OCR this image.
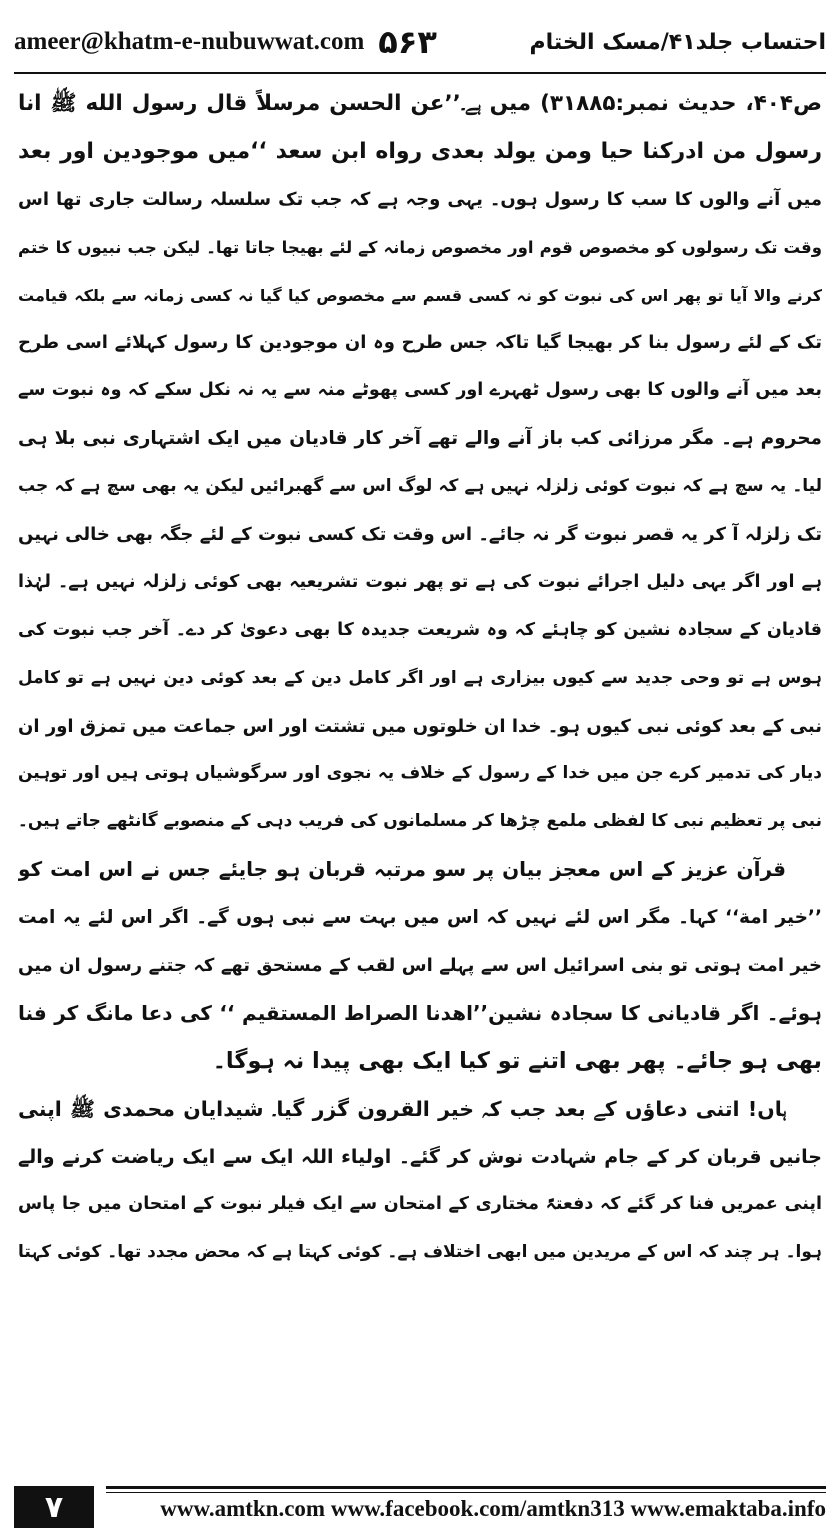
ameer@khatm-e-nubuwwat.com ۵۶۳	احتساب جلد۴۱/مسک الختام
ص۴۰۴، حدیث نمبر:۳۱۸۸۵) میں ہے۔’’عن الحسن مرسلاً قال رسول الله ﷺ انا
رسول من ادرکنا حیا ومن یولد بعدی رواه ابن سعد ‘‘میں موجودین اور بعد
میں آنے والوں کا سب کا رسول ہوں۔ یہی وجہ ہے کہ جب تک سلسلہ رسالت جاری تھا اس
وقت تک رسولوں کو مخصوص قوم اور مخصوص زمانہ کے لئے بھیجا جاتا تھا۔ لیکن جب نبیوں کا ختم
کرنے والا آیا تو پھر اس کی نبوت کو نہ کسی قسم سے مخصوص کیا گیا نہ کسی زمانہ سے بلکہ قیامت
تک کے لئے رسول بنا کر بھیجا گیا تاکہ جس طرح وہ ان موجودین کا رسول کہلائے اسی طرح
بعد میں آنے والوں کا بھی رسول ٹھہرے اور کسی پھوٹے منہ سے یہ نہ نکل سکے کہ وہ نبوت سے
محروم ہے۔ مگر مرزائی کب باز آنے والے تھے آخر کار قادیان میں ایک اشتہاری نبی بلا ہی
لیا۔ یہ سچ ہے کہ نبوت کوئی زلزلہ نہیں ہے کہ لوگ اس سے گھبرائیں لیکن یہ بھی سچ ہے کہ جب
تک زلزلہ آ کر یہ قصر نبوت گر نہ جائے۔ اس وقت تک کسی نبوت کے لئے جگہ بھی خالی نہیں
ہے اور اگر یہی دلیل اجرائے نبوت کی ہے تو پھر نبوت تشریعیہ بھی کوئی زلزلہ نہیں ہے۔ لہٰذا
قادیان کے سجادہ نشین کو چاہئے کہ وہ شریعت جدیدہ کا بھی دعویٰ کر دے۔ آخر جب نبوت کی
ہوس ہے تو وحی جدید سے کیوں بیزاری ہے اور اگر کامل دین کے بعد کوئی دین نہیں ہے تو کامل
نبی کے بعد کوئی نبی کیوں ہو۔ خدا ان خلوتوں میں تشتت اور اس جماعت میں تمزق اور ان
دیار کی تدمیر کرے جن میں خدا کے رسول کے خلاف یہ نجوی اور سرگوشیاں ہوتی ہیں اور توہین
نبی پر تعظیم نبی کا لفظی ملمع چڑھا کر مسلمانوں کی فریب دہی کے منصوبے گانٹھے جاتے ہیں۔
قرآن عزیز کے اس معجز بیان پر سو مرتبہ قربان ہو جایئے جس نے اس امت کو
’’خیر امة‘‘ کہا۔ مگر اس لئے نہیں کہ اس میں بہت سے نبی ہوں گے۔ اگر اس لئے یہ امت
خیر امت ہوتی تو بنی اسرائیل اس سے پہلے اس لقب کے مستحق تھے کہ جتنے رسول ان میں
ہوئے۔ اگر قادیانی کا سجادہ نشین’’اهدنا الصراط المستقیم ‘‘ کی دعا مانگ کر فنا
بھی ہو جائے۔ پھر بھی اتنے تو کیا ایک بھی پیدا نہ ہوگا۔
ہاں! اتنی دعاؤں کے بعد جب کہ خیر القرون گزر گیا۔ شیدایان محمدی ﷺ اپنی
جانیں قربان کر کے جام شہادت نوش کر گئے۔ اولیاء اللہ ایک سے ایک ریاضت کرنے والے
اپنی عمریں فنا کر گئے کہ دفعتہً مختاری کے امتحان سے ایک فیلر نبوت کے امتحان میں جا پاس
ہوا۔ ہر چند کہ اس کے مریدین میں ابھی اختلاف ہے۔ کوئی کہتا ہے کہ محض مجدد تھا۔ کوئی کہتا
۷	www.amtkn.com www.facebook.com/amtkn313 www.emaktaba.info
